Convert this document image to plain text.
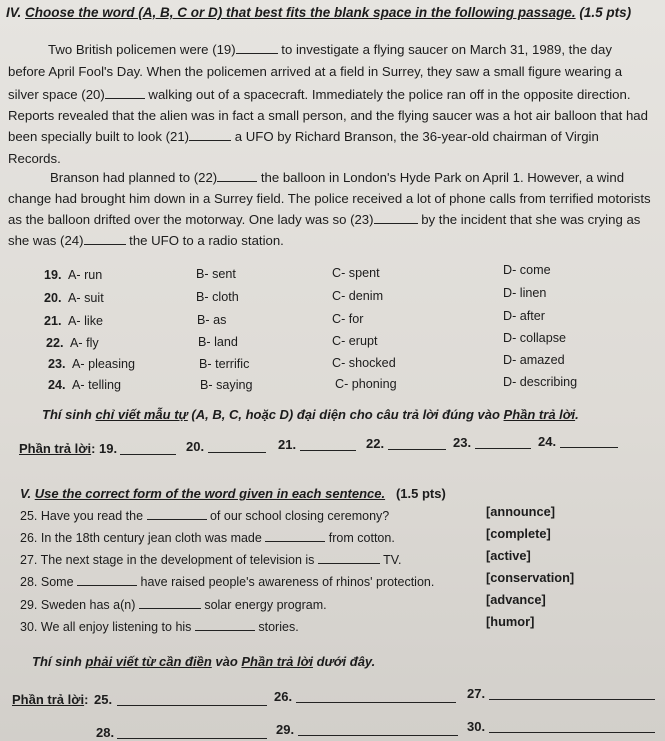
IV. Choose the word (A, B, C or D) that best fits the blank space in the following passage. (1.5 pts)
Two British policemen were (19)	to investigate a flying saucer on March 31, 1989, the day
before April Fool's Day. When the policemen arrived at a field in Surrey, they saw a small figure wearing a
silver space (20)	walking out of a spacecraft. Immediately the police ran off in the opposite direction.
Reports revealed that the alien was in fact a small person, and the flying saucer was a hot air balloon that had
been specially built to look (21)	a UFO by Richard Branson, the 36-year-old chairman of Virgin
Records.
Branson had planned to (22)	the balloon in London's Hyde Park on April 1. However, a wind
change had brought him down in a Surrey field. The police received a lot of phone calls from terrified motorists
as the balloon drifted over the motorway. One lady was so (23)	by the incident that she was crying as
she was (24)	the UFO to a radio station.
19. A- run	B- sent	C- spent	D- come
20. A- suit	B- cloth	C- denim	D- linen
21. A- like	B- as	C- for	D- after
22. A- fly	B- land	C- erupt	D- collapse
23. A- pleasing	B- terrific	C- shocked	D- amazed
24. A- telling	B- saying	C- phoning	D- describing
Thí sinh chỉ viết mẫu tự (A, B, C, hoặc D) đại diện cho câu trả lời đúng vào Phần trả lời.
Phần trả lời: 19.	20.	21.	22.	23.	24.
V. Use the correct form of the word given in each sentence. (1.5 pts)
25. Have you read the	of our school closing ceremony?	[announce]
26. In the 18th century jean cloth was made	from cotton.	[complete]
27. The next stage in the development of television is	TV.	[active]
28. Some	have raised people's awareness of rhinos' protection.	[conservation]
29. Sweden has a(n)	solar energy program.	[advance]
30. We all enjoy listening to his	stories.	[humor]
Thí sinh phải viết từ cần điền vào Phần trả lời dưới đây.
Phần trả lời: 25.	26.	27.
28.	29.	30.
